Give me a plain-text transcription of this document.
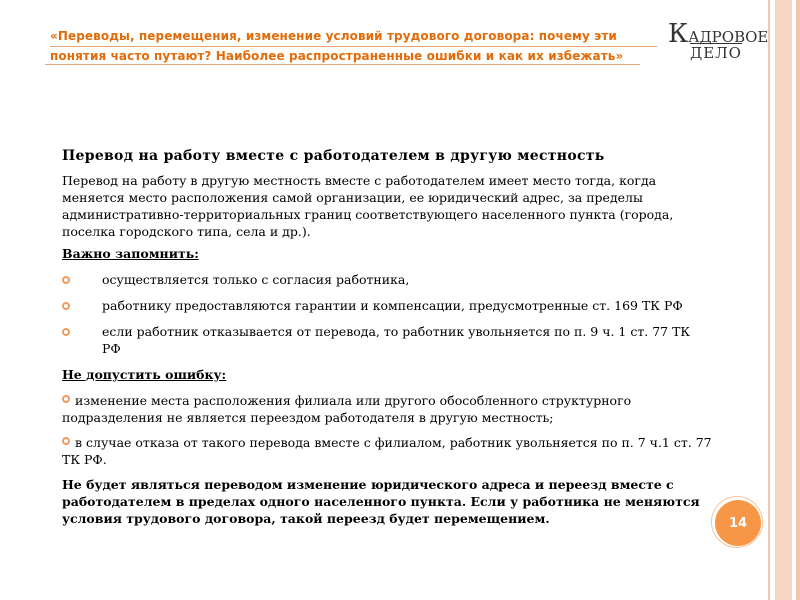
«Переводы, перемещения, изменение условий трудового договора: почему эти
понятия часто путают? Наиболее распространенные ошибки и как их избежать»
КАДРОВОЕ
ДЕЛО
Перевод на работу вместе с работодателем в другую местность
Перевод на работу в другую местность вместе с работодателем имеет место тогда, когда меняется место расположения самой организации, ее юридический адрес, за пределы административно-территориальных границ соответствующего населенного пункта (города, поселка городского типа, села и др.).
Важно запомнить:
осуществляется только с согласия работника,
работнику предоставляются гарантии и компенсации, предусмотренные ст. 169 ТК РФ
если работник отказывается от перевода, то работник увольняется по п. 9 ч. 1 ст. 77 ТК РФ
Не допустить ошибку:
изменение места расположения филиала или другого обособленного структурного подразделения не является переездом работодателя в другую местность;
в случае отказа от такого перевода вместе с филиалом, работник увольняется по п. 7 ч.1 ст. 77 ТК РФ.
Не будет являться переводом изменение юридического адреса и переезд вместе с работодателем в пределах одного населенного пункта. Если у работника не меняются условия трудового договора, такой переезд будет перемещением.	14
